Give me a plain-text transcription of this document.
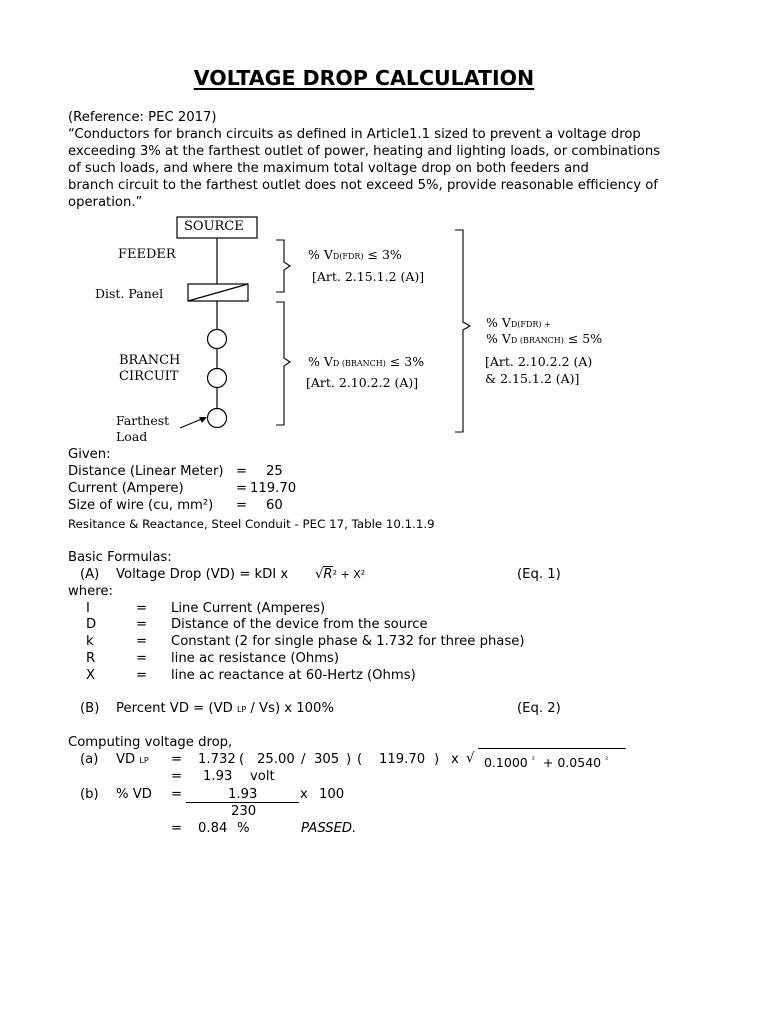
VOLTAGE DROP CALCULATION
(Reference: PEC 2017)
“Conductors for branch circuits as defined in Article1.1 sized to prevent a voltage drop
exceeding 3% at the farthest outlet of power, heating and lighting loads, or combinations
of such loads, and where the maximum total voltage drop on both feeders and
branch circuit to the farthest outlet does not exceed 5%, provide reasonable efficiency of
operation.”
SOURCE
FEEDER
Dist. Panel
BRANCH
CIRCUIT
Farthest
Load
% VD(FDR) ≤ 3%
[Art. 2.15.1.2 (A)]
% VD (BRANCH) ≤ 3%
[Art. 2.10.2.2 (A)]
% VD(FDR) +
% VD (BRANCH) ≤ 5%
[Art. 2.10.2.2 (A)
& 2.15.1.2 (A)]
Given:
Distance (Linear Meter) = 25
Current (Ampere)	= 119.70
Size of wire (cu, mm²) = 60
Resitance & Reactance, Steel Conduit - PEC 17, Table 10.1.1.9
Basic Formulas:
(A) Voltage Drop (VD) = kDI x √R² + X²	(Eq. 1)
where:
I	= Line Current (Amperes)
D	= Distance of the device from the source
k	= Constant (2 for single phase & 1.732 for three phase)
R	= line ac resistance (Ohms)
X	= line ac reactance at 60-Hertz (Ohms)
(B) Percent VD = (VD LP / Vs) x 100%	(Eq. 2)
Computing voltage drop,
(a) VD LP = 1.732 ( 25.00 / 305 ) ( 119.70 ) x √ 0.1000 $^{^2}$ + 0.0540 $^{^2}$
= 1.93 volt
(b) % VD =	1.93	x 100
230
= 0.84 %	PASSED.
